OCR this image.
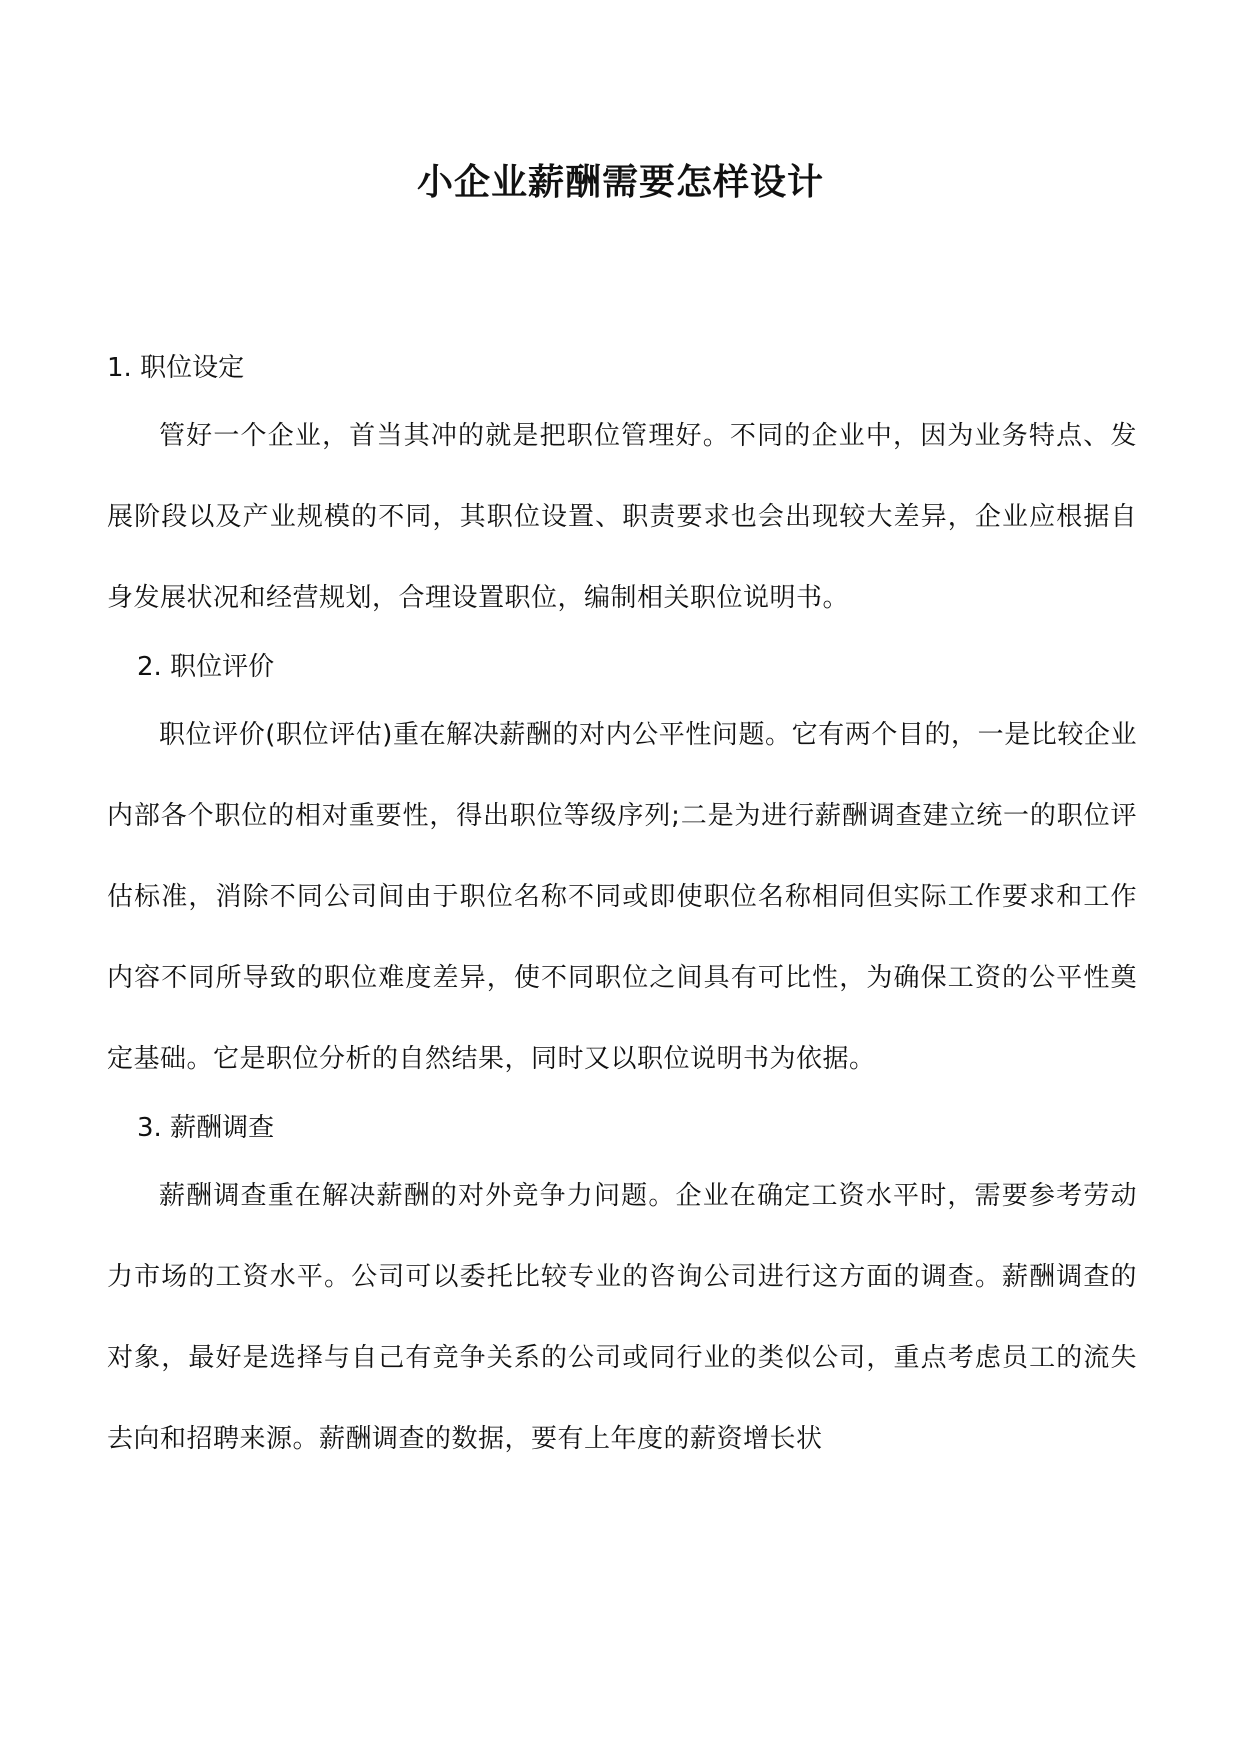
小企业薪酬需要怎样设计
1. 职位设定

管好一个企业，首当其冲的就是把职位管理好。不同的企业中，因为业务特点、发展阶段以及产业规模的不同，其职位设置、职责要求也会出现较大差异，企业应根据自身发展状况和经营规划，合理设置职位，编制相关职位说明书。

2. 职位评价

职位评价(职位评估)重在解决薪酬的对内公平性问题。它有两个目的，一是比较企业内部各个职位的相对重要性，得出职位等级序列;二是为进行薪酬调查建立统一的职位评估标准，消除不同公司间由于职位名称不同或即使职位名称相同但实际工作要求和工作内容不同所导致的职位难度差异，使不同职位之间具有可比性，为确保工资的公平性奠定基础。它是职位分析的自然结果，同时又以职位说明书为依据。

3. 薪酬调查

薪酬调查重在解决薪酬的对外竞争力问题。企业在确定工资水平时，需要参考劳动力市场的工资水平。公司可以委托比较专业的咨询公司进行这方面的调查。薪酬调查的对象，最好是选择与自己有竞争关系的公司或同行业的类似公司，重点考虑员工的流失去向和招聘来源。薪酬调查的数据，要有上年度的薪资增长状
